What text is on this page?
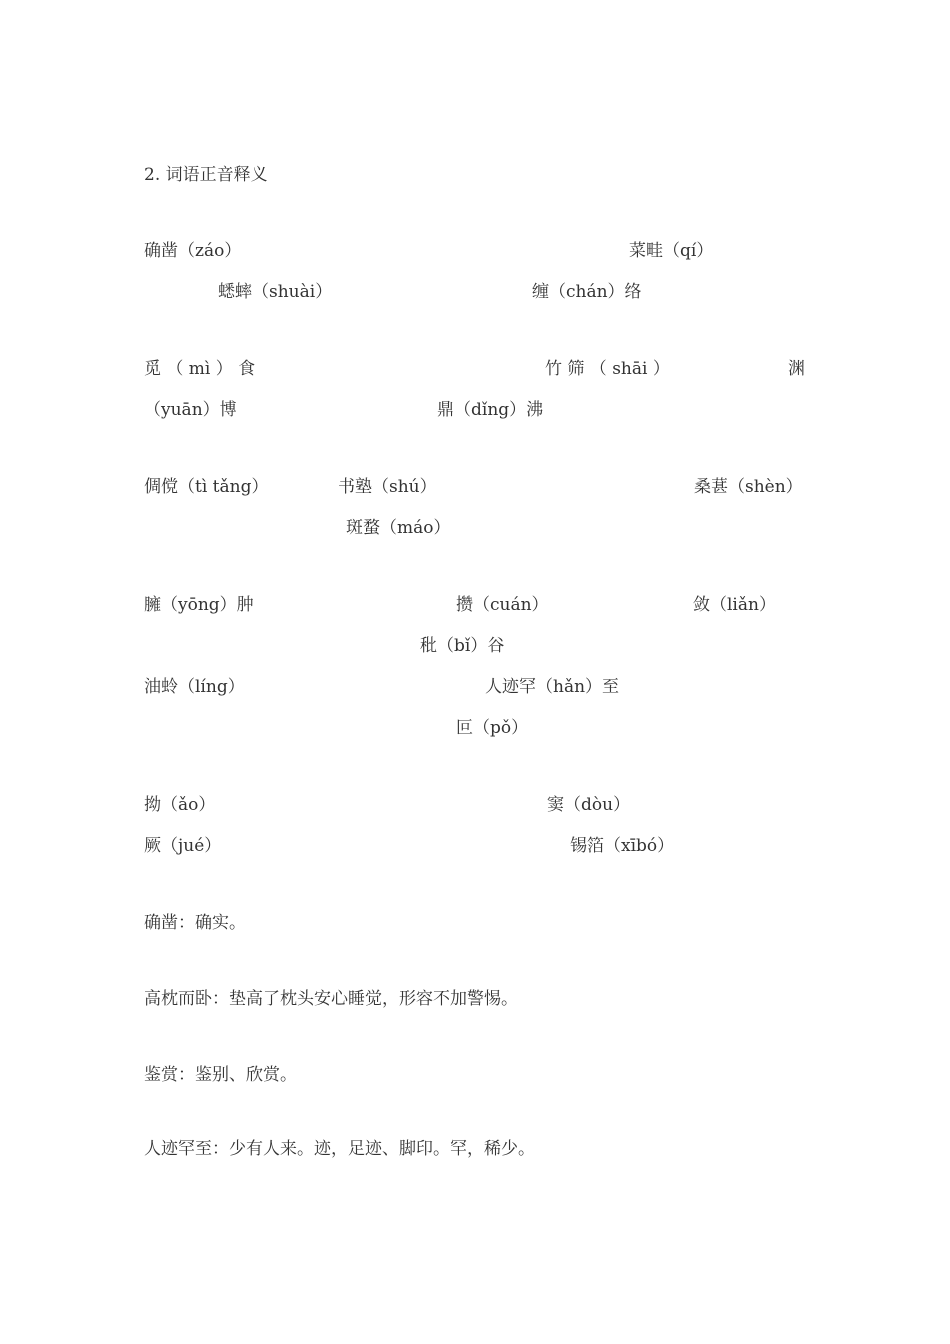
2. 词语正音释义
确凿（záo）	菜畦（qí）
蟋蟀（shuài）	缠（chán）络
觅 （ mì ） 食	竹 筛 （ shāi ）	渊
（yuān）博	鼎（dǐng）沸
倜傥（tì tǎng）	书塾（shú）	桑葚（shèn）
斑蝥（máo）
臃（yōng）肿	攒（cuán）	敛（liǎn）
秕（bǐ）谷
油蛉（líng）	人迹罕（hǎn）至
叵（pǒ）
拗（ǎo）	窦（dòu）
厥（jué）	锡箔（xībó）
确凿：确实。
高枕而卧：垫高了枕头安心睡觉，形容不加警惕。
鉴赏：鉴别、欣赏。
人迹罕至：少有人来。迹，足迹、脚印。罕，稀少。
